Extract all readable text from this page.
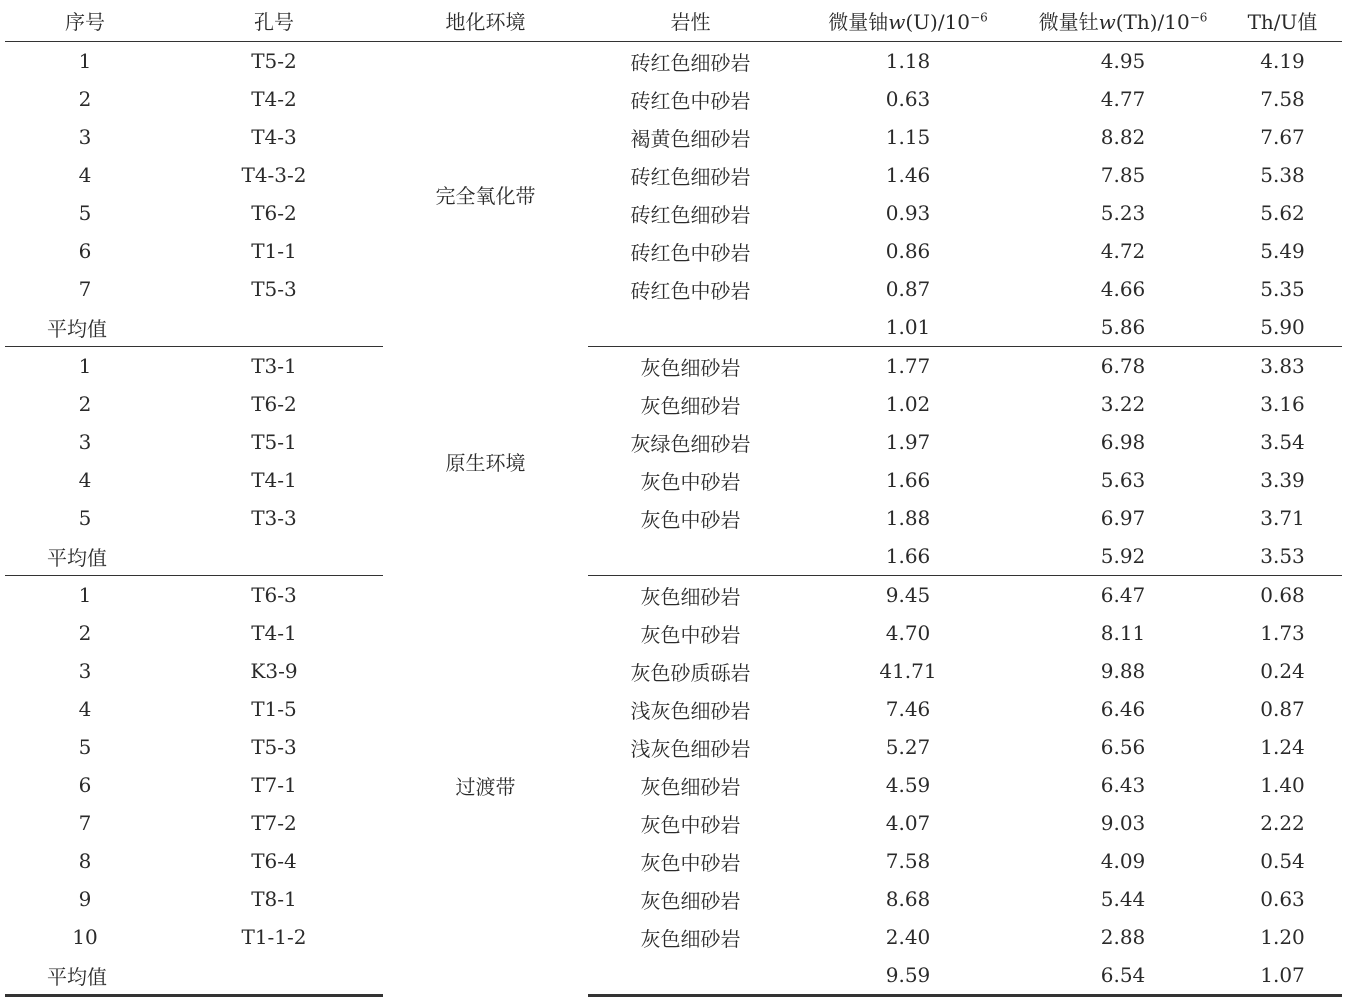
序号	孔号	地化环境	岩性	微量铀$w(U)/10^{-6}$	微量钍$w(Th)/10^{-6}$	Th/U值
1	T5-2	完全氧化带	砖红色细砂岩	1.18	4.95	4.19
2	T4-2		砖红色中砂岩	0.63	4.77	7.58
3	T4-3		褐黄色细砂岩	1.15	8.82	7.67
4	T4-3-2		砖红色细砂岩	1.46	7.85	5.38
5	T6-2		砖红色细砂岩	0.93	5.23	5.62
6	T1-1		砖红色中砂岩	0.86	4.72	5.49
7	T5-3		砖红色中砂岩	0.87	4.66	5.35
平均值				1.01	5.86	5.90
1	T3-1	原生环境	灰色细砂岩	1.77	6.78	3.83
2	T6-2		灰色细砂岩	1.02	3.22	3.16
3	T5-1		灰绿色细砂岩	1.97	6.98	3.54
4	T4-1		灰色中砂岩	1.66	5.63	3.39
5	T3-3		灰色中砂岩	1.88	6.97	3.71
平均值				1.66	5.92	3.53
1	T6-3	过渡带	灰色细砂岩	9.45	6.47	0.68
2	T4-1		灰色中砂岩	4.70	8.11	1.73
3	K3-9		灰色砂质砾岩	41.71	9.88	0.24
4	T1-5		浅灰色细砂岩	7.46	6.46	0.87
5	T5-3		浅灰色细砂岩	5.27	6.56	1.24
6	T7-1		灰色细砂岩	4.59	6.43	1.40
7	T7-2		灰色中砂岩	4.07	9.03	2.22
8	T6-4		灰色中砂岩	7.58	4.09	0.54
9	T8-1		灰色细砂岩	8.68	5.44	0.63
10	T1-1-2		灰色细砂岩	2.40	2.88	1.20
平均值				9.59	6.54	1.07
